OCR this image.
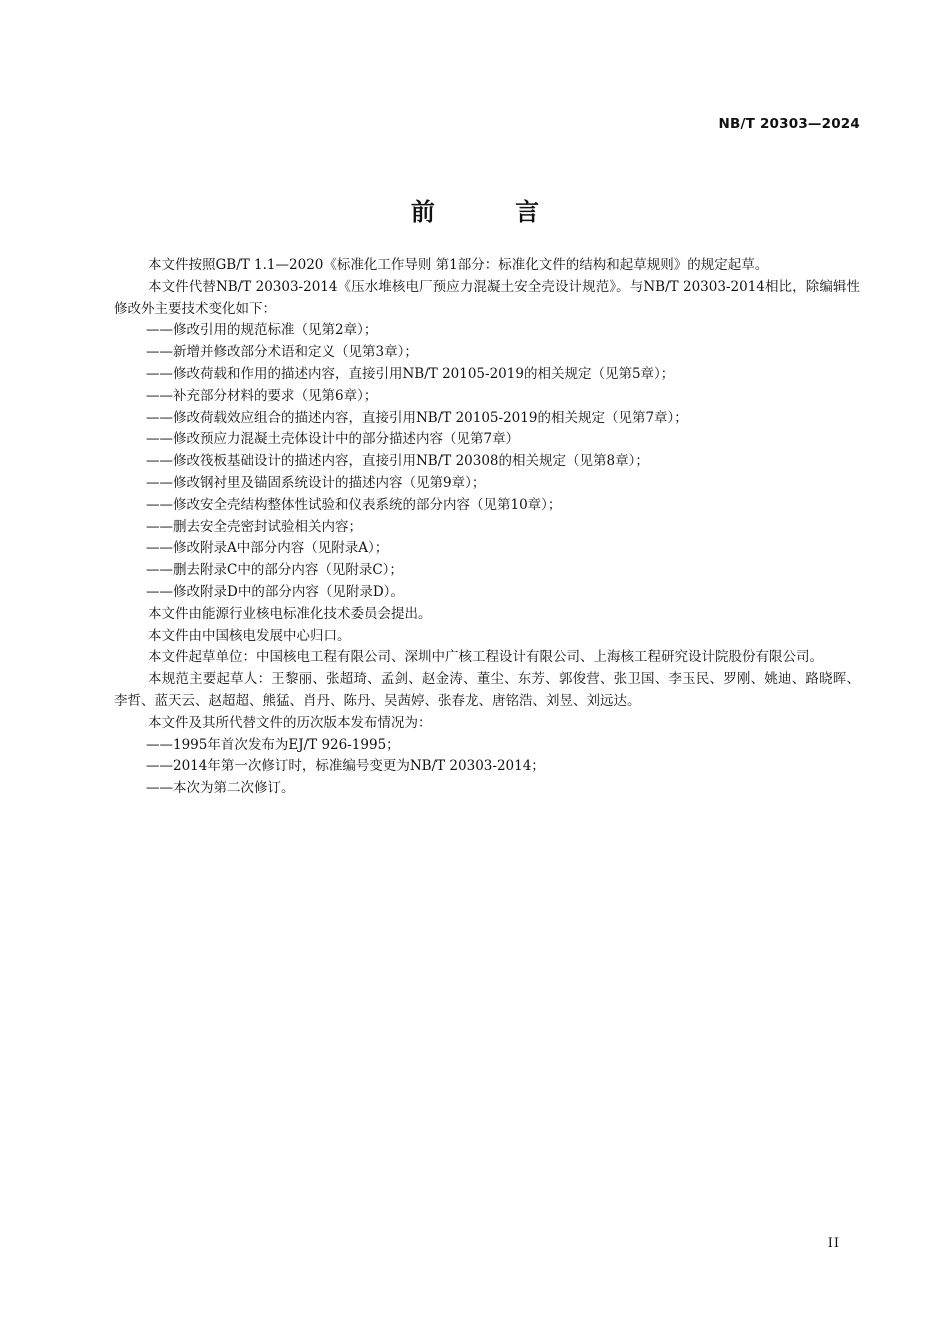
NB/T 20303—2024
前 言

本文件按照GB/T 1.1—2020《标准化工作导则 第1部分：标准化文件的结构和起草规则》的规定起草。

本文件代替NB/T 20303-2014《压水堆核电厂预应力混凝土安全壳设计规范》。与NB/T 20303-2014相比，除编辑性修改外主要技术变化如下：

——修改引用的规范标准（见第2章）；

——新增并修改部分术语和定义（见第3章）；

——修改荷载和作用的描述内容，直接引用NB/T 20105-2019的相关规定（见第5章）；

——补充部分材料的要求（见第6章）；

——修改荷载效应组合的描述内容，直接引用NB/T 20105-2019的相关规定（见第7章）；

——修改预应力混凝土壳体设计中的部分描述内容（见第7章）

——修改筏板基础设计的描述内容，直接引用NB/T 20308的相关规定（见第8章）；

——修改钢衬里及锚固系统设计的描述内容（见第9章）；

——修改安全壳结构整体性试验和仪表系统的部分内容（见第10章）；

——删去安全壳密封试验相关内容；

——修改附录A中部分内容（见附录A）；

——删去附录C中的部分内容（见附录C）；

——修改附录D中的部分内容（见附录D）。

本文件由能源行业核电标准化技术委员会提出。

本文件由中国核电发展中心归口。

本文件起草单位：中国核电工程有限公司、深圳中广核工程设计有限公司、上海核工程研究设计院股份有限公司。

本规范主要起草人：王黎丽、张超琦、孟剑、赵金涛、董尘、东芳、郭俊营、张卫国、李玉民、罗刚、姚迪、路晓晖、李哲、蓝天云、赵超超、熊猛、肖丹、陈丹、吴茜婷、张春龙、唐铭浩、刘昱、刘远达。

本文件及其所代替文件的历次版本发布情况为：

——1995年首次发布为EJ/T 926-1995；

——2014年第一次修订时，标准编号变更为NB/T 20303-2014；

——本次为第二次修订。

II
